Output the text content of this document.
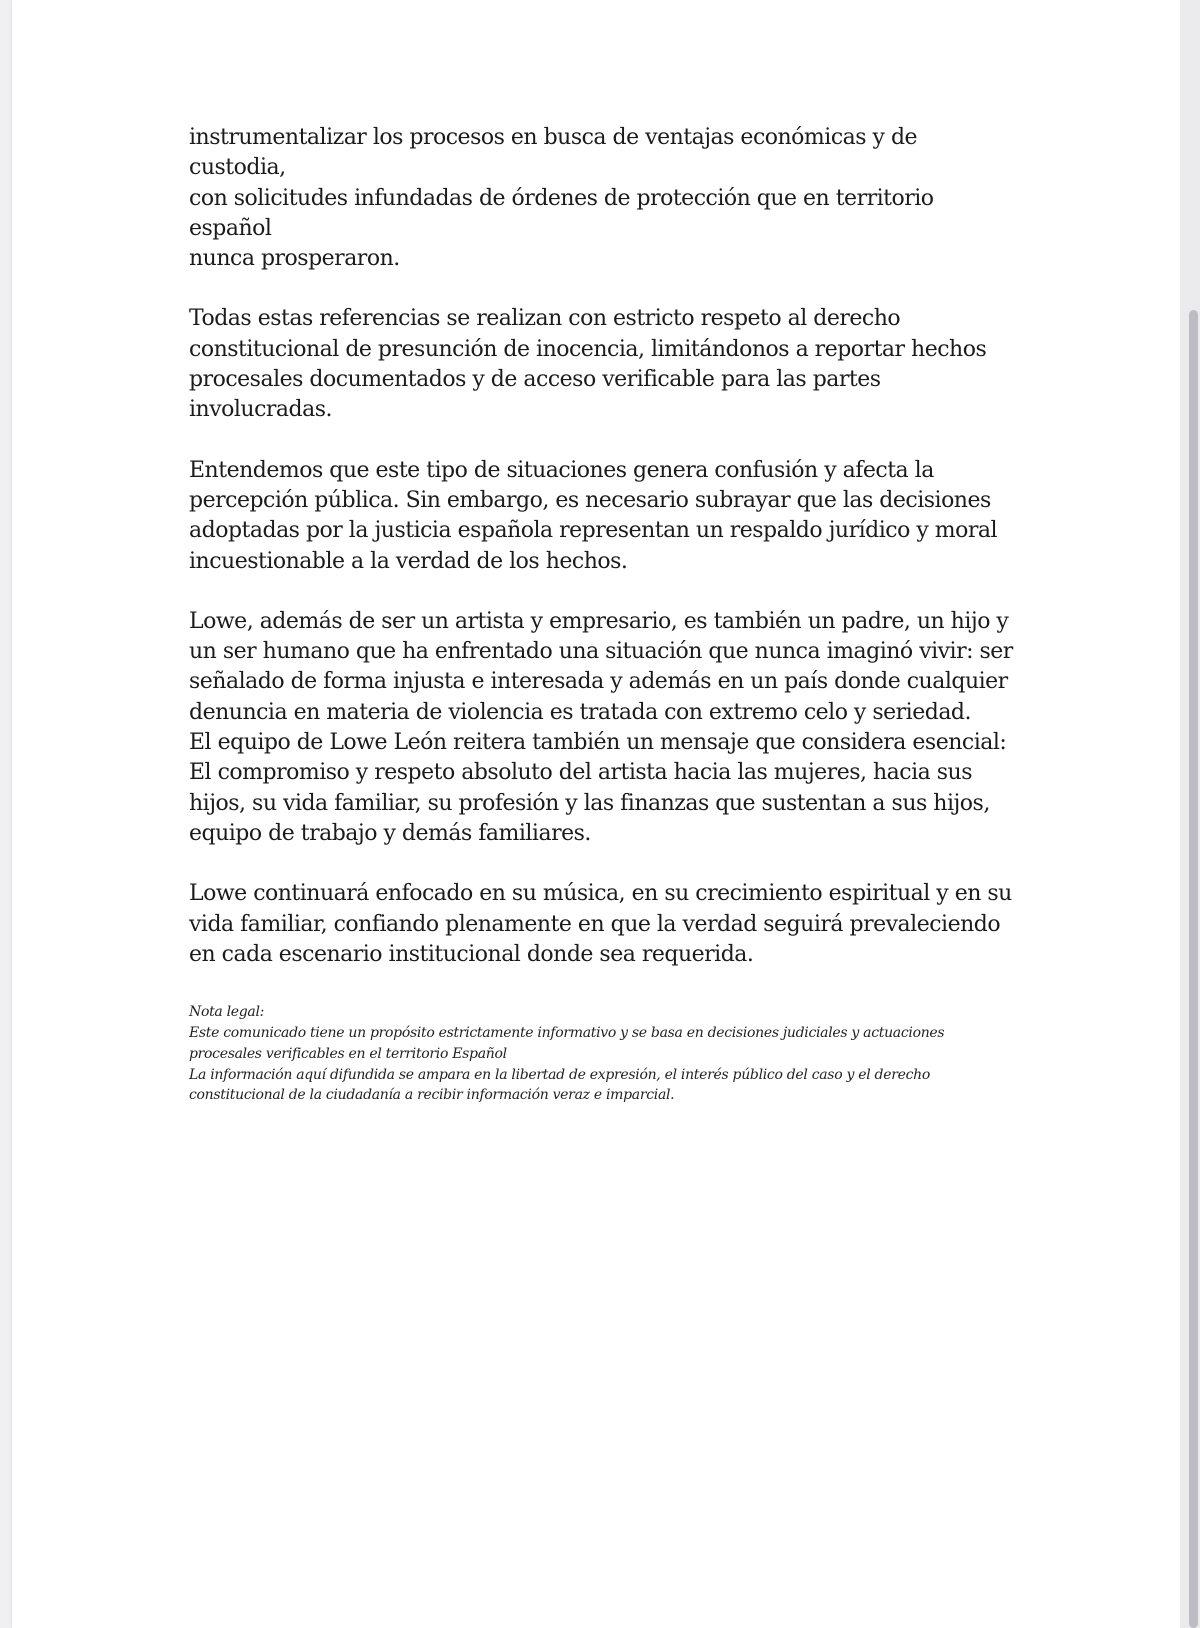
instrumentalizar los procesos en busca de ventajas económicas y de
custodia,
con solicitudes infundadas de órdenes de protección que en territorio
español
nunca prosperaron.

Todas estas referencias se realizan con estricto respeto al derecho
constitucional de presunción de inocencia, limitándonos a reportar hechos
procesales documentados y de acceso verificable para las partes
involucradas.

Entendemos que este tipo de situaciones genera confusión y afecta la
percepción pública. Sin embargo, es necesario subrayar que las decisiones
adoptadas por la justicia española representan un respaldo jurídico y moral
incuestionable a la verdad de los hechos.

Lowe, además de ser un artista y empresario, es también un padre, un hijo y
un ser humano que ha enfrentado una situación que nunca imaginó vivir: ser
señalado de forma injusta e interesada y además en un país donde cualquier
denuncia en materia de violencia es tratada con extremo celo y seriedad.
El equipo de Lowe León reitera también un mensaje que considera esencial:
El compromiso y respeto absoluto del artista hacia las mujeres, hacia sus
hijos, su vida familiar, su profesión y las finanzas que sustentan a sus hijos,
equipo de trabajo y demás familiares.

Lowe continuará enfocado en su música, en su crecimiento espiritual y en su
vida familiar, confiando plenamente en que la verdad seguirá prevaleciendo
en cada escenario institucional donde sea requerida.

Nota legal:
Este comunicado tiene un propósito estrictamente informativo y se basa en decisiones judiciales y actuaciones
procesales verificables en el territorio Español
La información aquí difundida se ampara en la libertad de expresión, el interés público del caso y el derecho
constitucional de la ciudadanía a recibir información veraz e imparcial.
